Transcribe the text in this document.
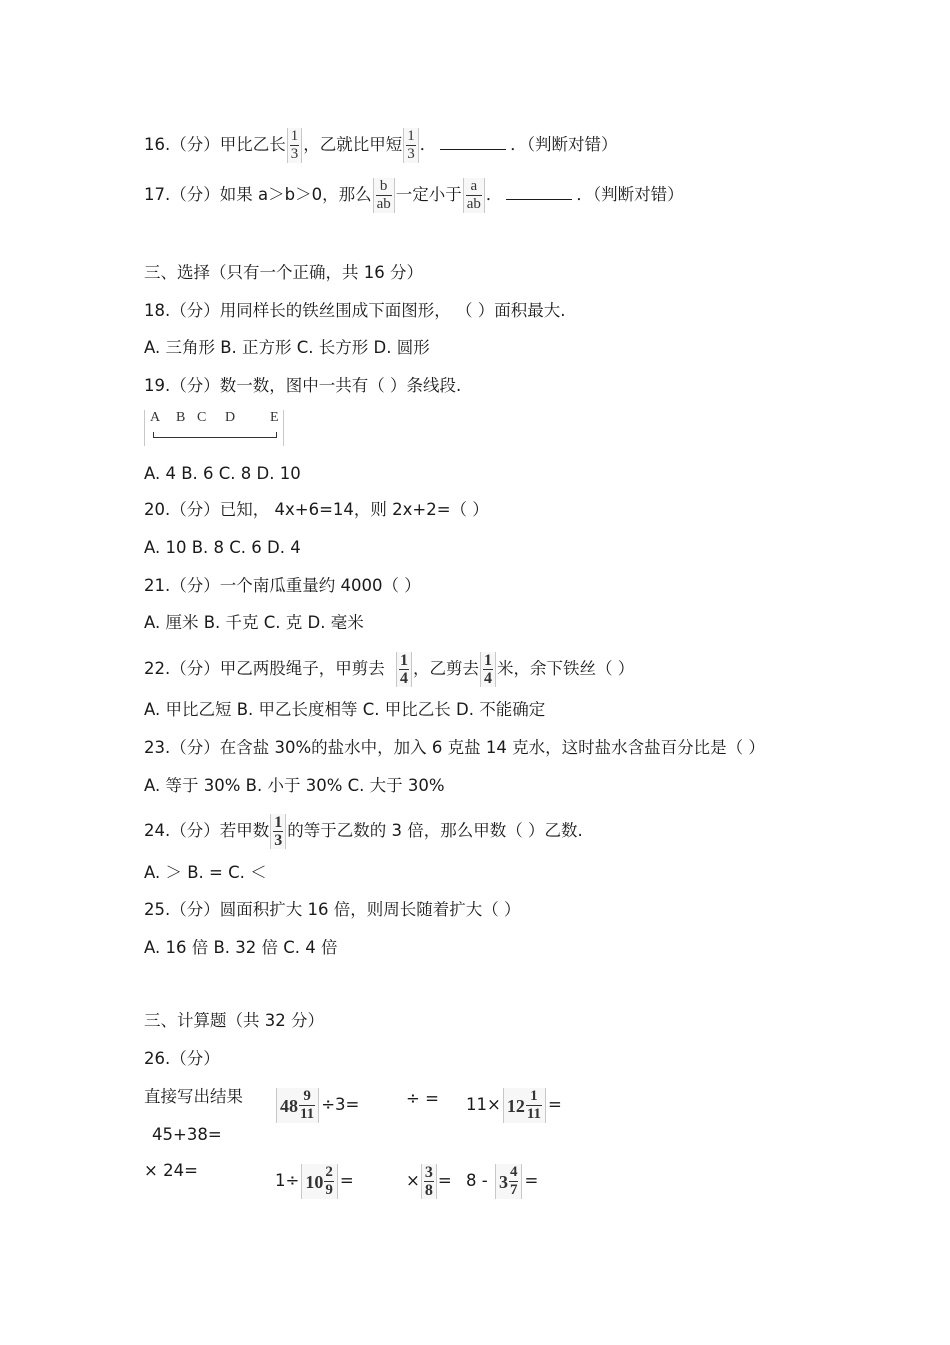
16.（分）甲比乙长 $\frac{1}{3}$ ，乙就比甲短 $\frac{1}{3}$ ．	．（判断对错）
17.（分）如果 a＞b＞0，那么 $\frac{b}{ab}$ 一定小于 $\frac{a}{ab}$ ．	．（判断对错）
三、选择（只有一个正确，共 16 分）
18.（分）用同样长的铁丝围成下面图形， （ ）面积最大.
A. 三角形 B. 正方形 C. 长方形 D. 圆形
19.（分）数一数，图中一共有（ ）条线段.
A B C D E
A. 4 B. 6 C. 8 D. 10
20.（分）已知， 4x+6=14，则 2x+2=（ ）
A. 10 B. 8 C. 6 D. 4
21.（分）一个南瓜重量约 4000（ ）
A. 厘米 B. 千克 C. 克 D. 毫米
22.（分）甲乙两股绳子，甲剪去 $\frac{1}{4}$ ，乙剪去 $\frac{1}{4}$ 米，余下铁丝（ ）
A. 甲比乙短 B. 甲乙长度相等 C. 甲比乙长 D. 不能确定
23.（分）在含盐 30%的盐水中，加入 6 克盐 14 克水，这时盐水含盐百分比是（ ）
A. 等于 30% B. 小于 30% C. 大于 30%
24.（分）若甲数 $\frac{1}{3}$ 的等于乙数的 3 倍，那么甲数（ ）乙数.
A. ＞ B. = C. ＜
25.（分）圆面积扩大 16 倍，则周长随着扩大（ ）
A. 16 倍 B. 32 倍 C. 4 倍
三、计算题（共 32 分）
26.（分）
直接写出结果 $48 \frac{9}{11} \div 3=$	÷ = $11\times 12 \frac{1}{11}$ =
45+38=
× 24=
$1\div 10 \frac{2}{9}$ =	× $\frac{3}{8} = 8 - 3 \frac{4}{7}$ =
